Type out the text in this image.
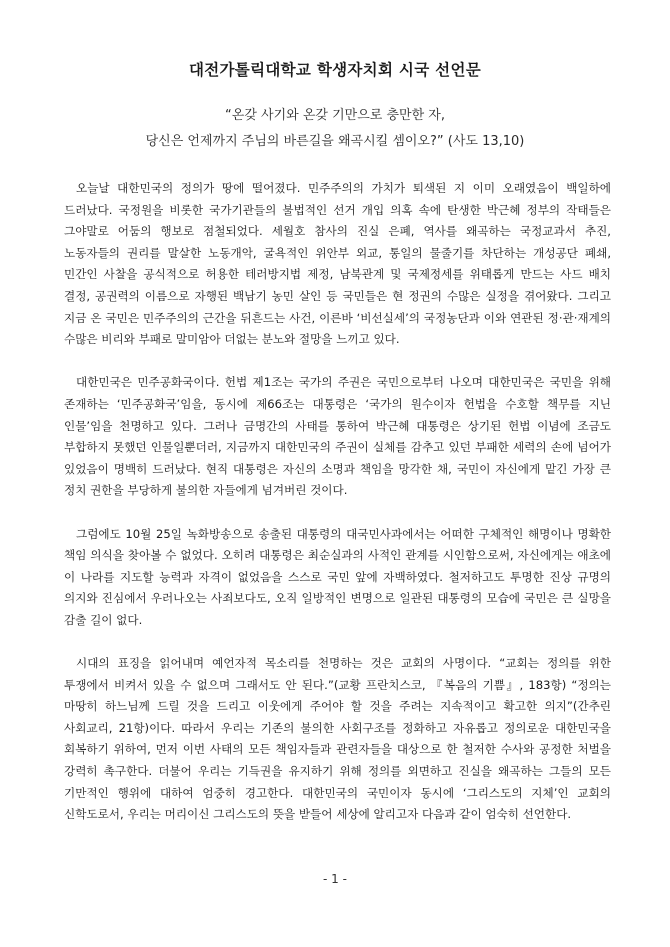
대전가톨릭대학교 학생자치회 시국 선언문
“온갖 사기와 온갖 기만으로 충만한 자,
당신은 언제까지 주님의 바른길을 왜곡시킬 셈이오?” (사도 13,10)

오늘날 대한민국의 정의가 땅에 떨어졌다. 민주주의의 가치가 퇴색된 지 이미 오래였음이 백일하에 드러났다. 국정원을 비롯한 국가기관들의 불법적인 선거 개입 의혹 속에 탄생한 박근혜 정부의 작태들은 그야말로 어둠의 행보로 점철되었다. 세월호 참사의 진실 은폐, 역사를 왜곡하는 국정교과서 추진, 노동자들의 권리를 말살한 노동개악, 굴욕적인 위안부 외교, 통일의 물줄기를 차단하는 개성공단 폐쇄, 민간인 사찰을 공식적으로 허용한 테러방지법 제정, 남북관계 및 국제정세를 위태롭게 만드는 사드 배치 결정, 공권력의 이름으로 자행된 백남기 농민 살인 등 국민들은 현 정권의 수많은 실정을 겪어왔다. 그리고 지금 온 국민은 민주주의의 근간을 뒤흔드는 사건, 이른바 ‘비선실세’의 국정농단과 이와 연관된 정·관·재계의 수많은 비리와 부패로 말미암아 더없는 분노와 절망을 느끼고 있다.

대한민국은 민주공화국이다. 헌법 제1조는 국가의 주권은 국민으로부터 나오며 대한민국은 국민을 위해 존재하는 ‘민주공화국’임을, 동시에 제66조는 대통령은 ‘국가의 원수이자 헌법을 수호할 책무를 지닌 인물’임을 천명하고 있다. 그러나 금명간의 사태를 통하여 박근혜 대통령은 상기된 헌법 이념에 조금도 부합하지 못했던 인물일뿐더러, 지금까지 대한민국의 주권이 실체를 감추고 있던 부패한 세력의 손에 넘어가 있었음이 명백히 드러났다. 현직 대통령은 자신의 소명과 책임을 망각한 채, 국민이 자신에게 맡긴 가장 큰 정치 권한을 부당하게 불의한 자들에게 넘겨버린 것이다.

그럼에도 10월 25일 녹화방송으로 송출된 대통령의 대국민사과에서는 어떠한 구체적인 해명이나 명확한 책임 의식을 찾아볼 수 없었다. 오히려 대통령은 최순실과의 사적인 관계를 시인함으로써, 자신에게는 애초에 이 나라를 지도할 능력과 자격이 없었음을 스스로 국민 앞에 자백하였다. 철저하고도 투명한 진상 규명의 의지와 진심에서 우러나오는 사죄보다도, 오직 일방적인 변명으로 일관된 대통령의 모습에 국민은 큰 실망을 감출 길이 없다.

시대의 표징을 읽어내며 예언자적 목소리를 천명하는 것은 교회의 사명이다. “교회는 정의를 위한 투쟁에서 비켜서 있을 수 없으며 그래서도 안 된다.”(교황 프란치스코, 『복음의 기쁨』, 183항) “정의는 마땅히 하느님께 드릴 것을 드리고 이웃에게 주어야 할 것을 주려는 지속적이고 확고한 의지”(간추린 사회교리, 21항)이다. 따라서 우리는 기존의 불의한 사회구조를 정화하고 자유롭고 정의로운 대한민국을 회복하기 위하여, 먼저 이번 사태의 모든 책임자들과 관련자들을 대상으로 한 철저한 수사와 공정한 처벌을 강력히 촉구한다. 더불어 우리는 기득권을 유지하기 위해 정의를 외면하고 진실을 왜곡하는 그들의 모든 기만적인 행위에 대하여 엄중히 경고한다. 대한민국의 국민이자 동시에 ‘그리스도의 지체’인 교회의 신학도로서, 우리는 머리이신 그리스도의 뜻을 받들어 세상에 알리고자 다음과 같이 엄숙히 선언한다.

- 1 -
